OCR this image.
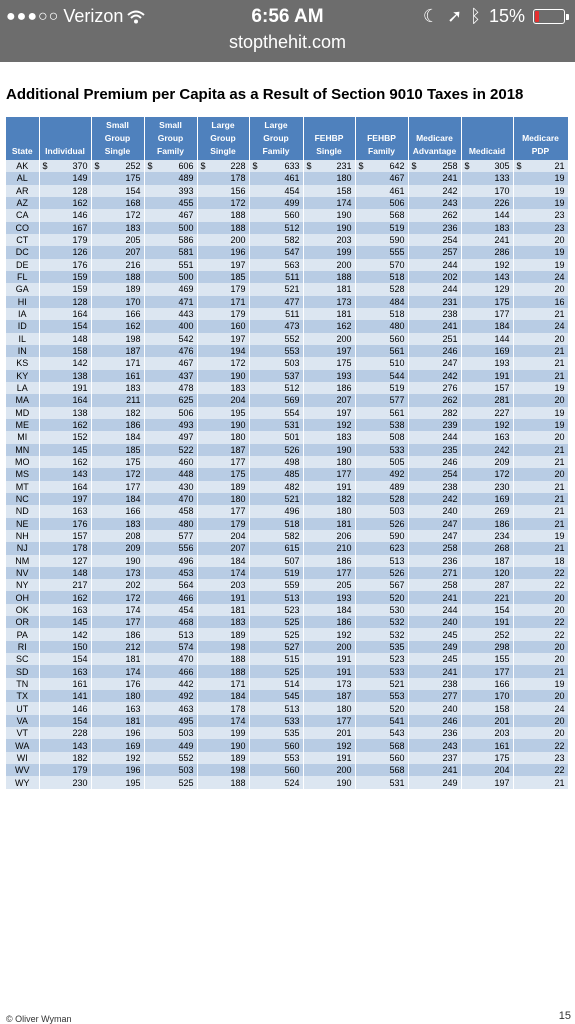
●●●○○ Verizon	6:56 AM	☾ ➚ ᛒ 15%
stopthehit.com
Additional Premium per Capita as a Result of Section 9010 Taxes in 2018
State	Individual	Small Group Single	Small Group Family	Large Group Single	Large Group Family	FEHBP Single	FEHBP Family	Medicare Advantage	Medicaid	Medicare PDP
AK	$ 370	$ 252	$ 606	$ 228	$ 633	$ 231	$ 642	$ 258	$ 305	$ 21
AL	149	175	489	178	461	180	467	241	133	19
AR	128	154	393	156	454	158	461	242	170	19
AZ	162	168	455	172	499	174	506	243	226	19
CA	146	172	467	188	560	190	568	262	144	23
CO	167	183	500	188	512	190	519	236	183	23
CT	179	205	586	200	582	203	590	254	241	20
DC	126	207	581	196	547	199	555	257	286	19
DE	176	216	551	197	563	200	570	244	192	19
FL	159	188	500	185	511	188	518	202	143	24
GA	159	189	469	179	521	181	528	244	129	20
HI	128	170	471	171	477	173	484	231	175	16
IA	164	166	443	179	511	181	518	238	177	21
ID	154	162	400	160	473	162	480	241	184	24
IL	148	198	542	197	552	200	560	251	144	20
IN	158	187	476	194	553	197	561	246	169	21
KS	142	171	467	172	503	175	510	247	193	21
KY	138	161	437	190	537	193	544	242	191	21
LA	191	183	478	183	512	186	519	276	157	19
MA	164	211	625	204	569	207	577	262	281	20
MD	138	182	506	195	554	197	561	282	227	19
ME	162	186	493	190	531	192	538	239	192	19
MI	152	184	497	180	501	183	508	244	163	20
MN	145	185	522	187	526	190	533	235	242	21
MO	162	175	460	177	498	180	505	246	209	21
MS	143	172	448	175	485	177	492	254	172	20
MT	164	177	430	189	482	191	489	238	230	21
NC	197	184	470	180	521	182	528	242	169	21
ND	163	166	458	177	496	180	503	240	269	21
NE	176	183	480	179	518	181	526	247	186	21
NH	157	208	577	204	582	206	590	247	234	19
NJ	178	209	556	207	615	210	623	258	268	21
NM	127	190	496	184	507	186	513	236	187	18
NV	148	173	453	174	519	177	526	271	120	22
NY	217	202	564	203	559	205	567	258	287	22
OH	162	172	466	191	513	193	520	241	221	20
OK	163	174	454	181	523	184	530	244	154	20
OR	145	177	468	183	525	186	532	240	191	22
PA	142	186	513	189	525	192	532	245	252	22
RI	150	212	574	198	527	200	535	249	298	20
SC	154	181	470	188	515	191	523	245	155	20
SD	163	174	466	188	525	191	533	241	177	21
TN	161	176	442	171	514	173	521	238	166	19
TX	141	180	492	184	545	187	553	277	170	20
UT	146	163	463	178	513	180	520	240	158	24
VA	154	181	495	174	533	177	541	246	201	20
VT	228	196	503	199	535	201	543	236	203	20
WA	143	169	449	190	560	192	568	243	161	22
WI	182	192	552	189	553	191	560	237	175	23
WV	179	196	503	198	560	200	568	241	204	22
WY	230	195	525	188	524	190	531	249	197	21
© Oliver Wyman	15
